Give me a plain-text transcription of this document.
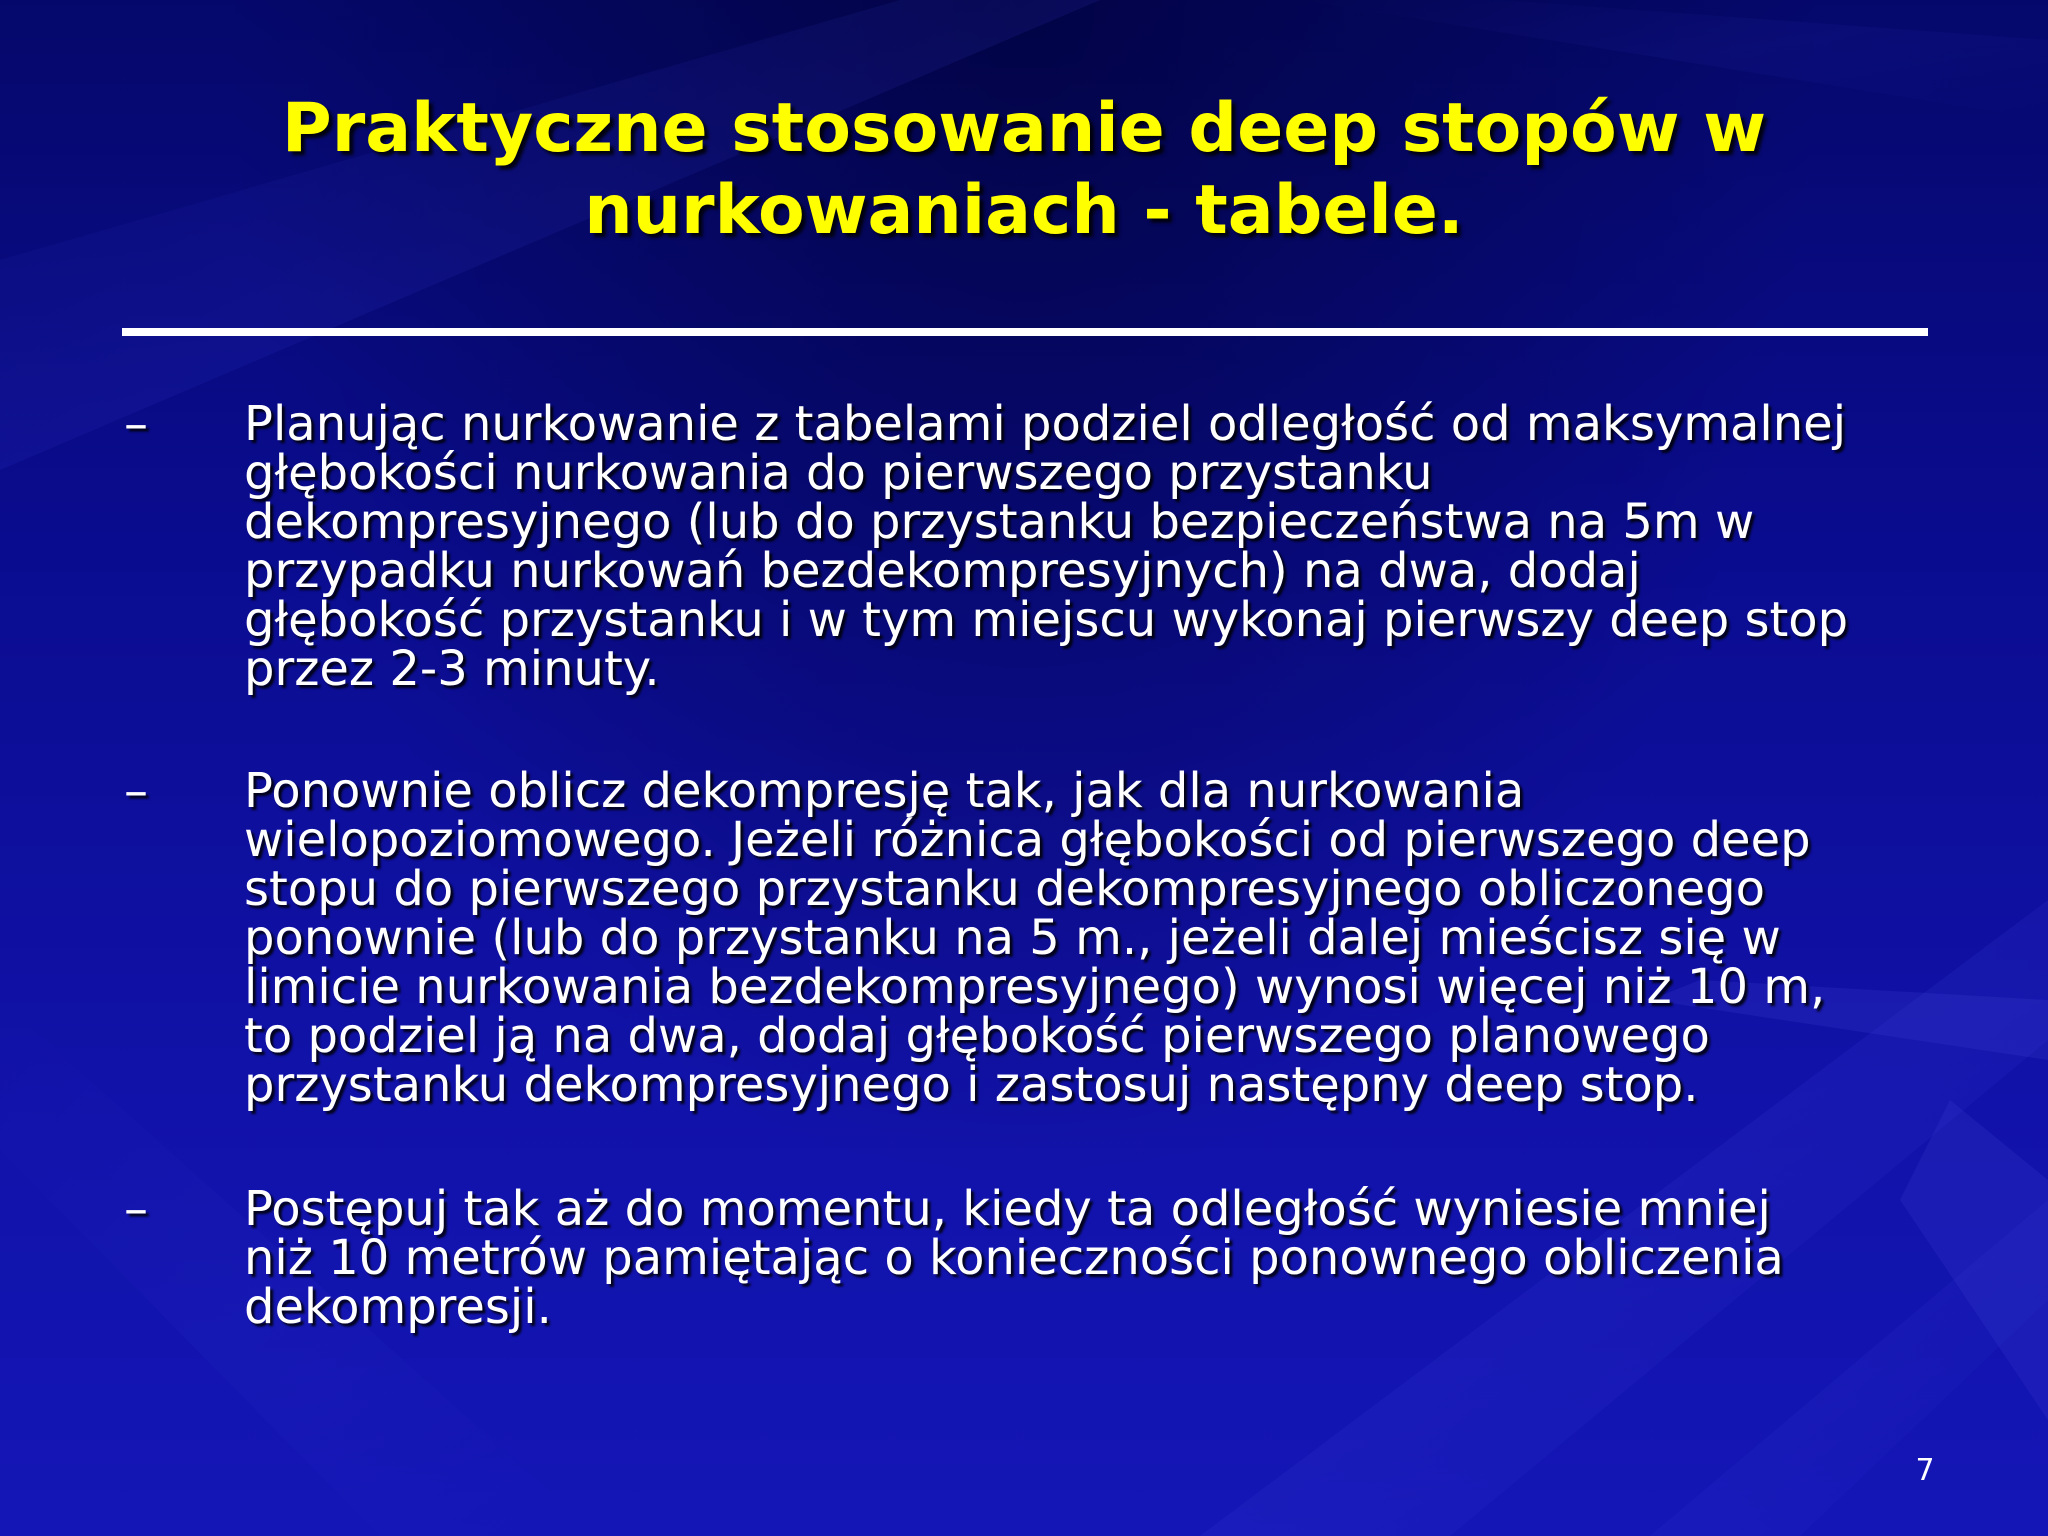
Praktyczne stosowanie deep stopów w
nurkowaniach - tabele.
– Planując nurkowanie z tabelami podziel odległość od maksymalnej
głębokości nurkowania do pierwszego przystanku
dekompresyjnego (lub do przystanku bezpieczeństwa na 5m w
przypadku nurkowań bezdekompresyjnych) na dwa, dodaj
głębokość przystanku i w tym miejscu wykonaj pierwszy deep stop
przez 2-3 minuty.
– Ponownie oblicz dekompresję tak, jak dla nurkowania
wielopoziomowego. Jeżeli różnica głębokości od pierwszego deep
stopu do pierwszego przystanku dekompresyjnego obliczonego
ponownie (lub do przystanku na 5 m., jeżeli dalej mieścisz się w
limicie nurkowania bezdekompresyjnego) wynosi więcej niż 10 m,
to podziel ją na dwa, dodaj głębokość pierwszego planowego
przystanku dekompresyjnego i zastosuj następny deep stop.
– Postępuj tak aż do momentu, kiedy ta odległość wyniesie mniej
niż 10 metrów pamiętając o konieczności ponownego obliczenia
dekompresji.
7
